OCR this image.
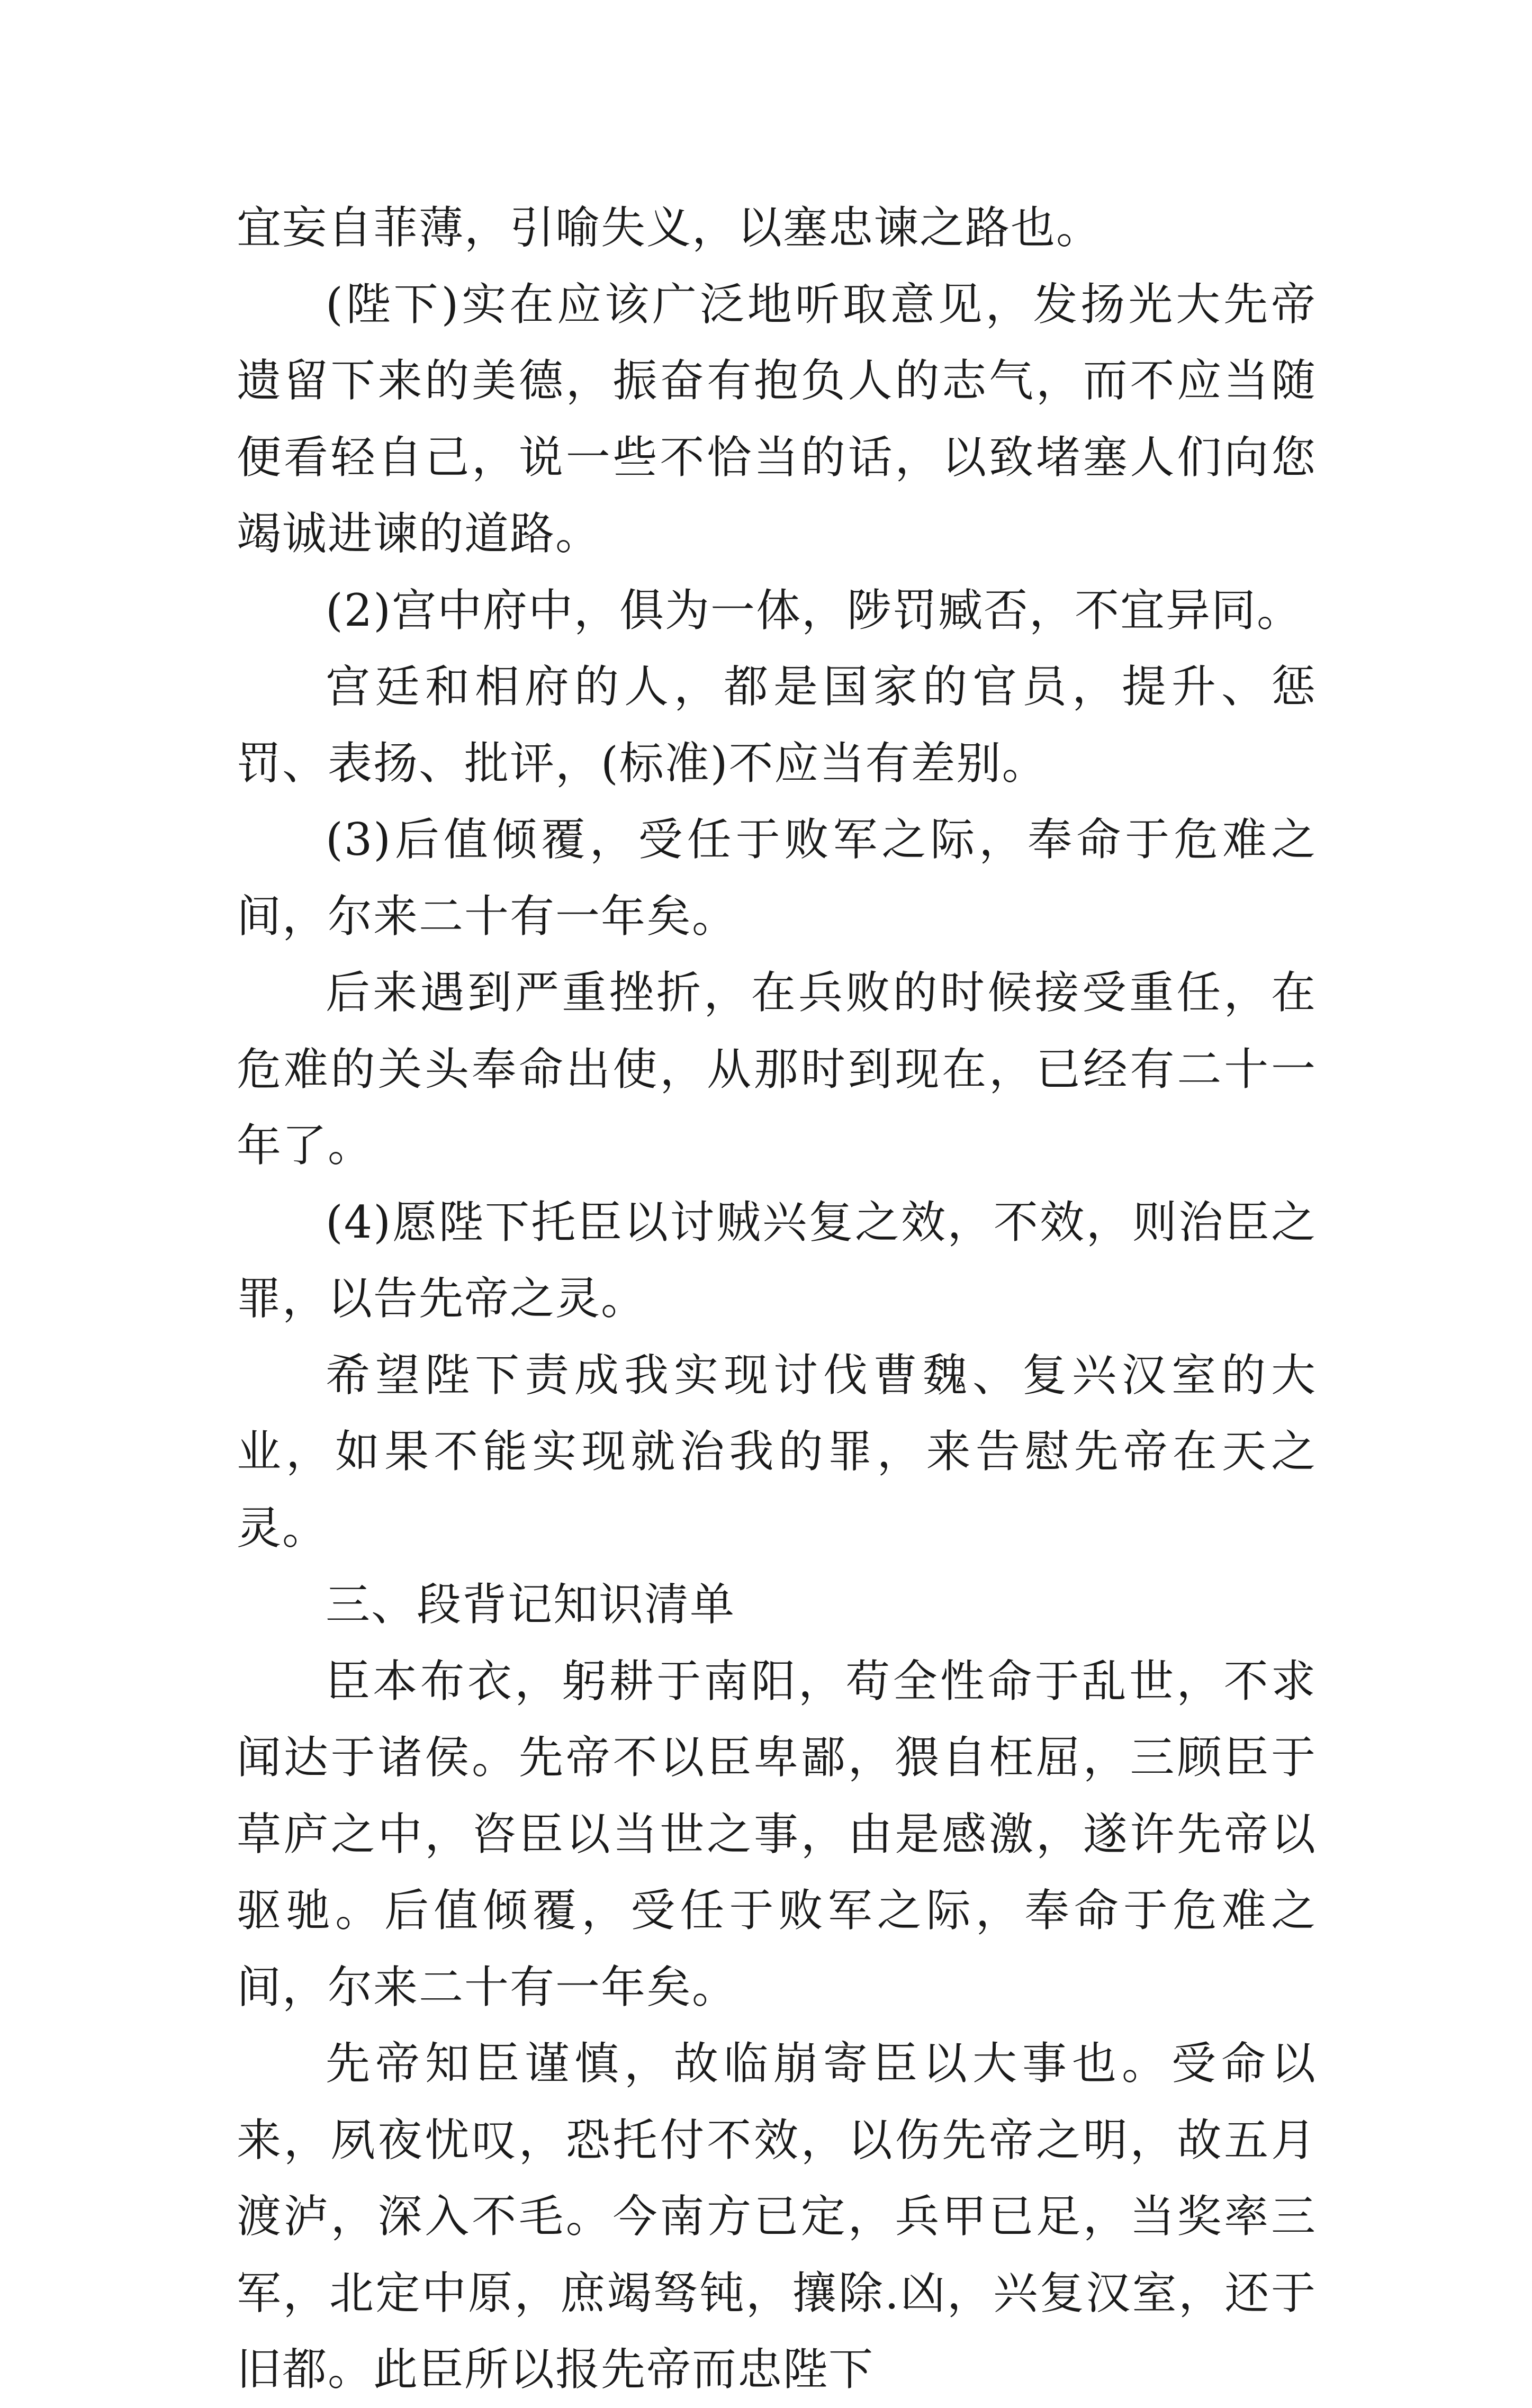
宜妄自菲薄，引喻失义，以塞忠谏之路也。

(陛下)实在应该广泛地听取意见，发扬光大先帝遗留下来的美德，振奋有抱负人的志气，而不应当随便看轻自己，说一些不恰当的话，以致堵塞人们向您竭诚进谏的道路。

(2)宫中府中，俱为一体，陟罚臧否，不宜异同。

宫廷和相府的人，都是国家的官员，提升、惩罚、表扬、批评，(标准)不应当有差别。

(3)后值倾覆，受任于败军之际，奉命于危难之间，尔来二十有一年矣。

后来遇到严重挫折，在兵败的时候接受重任，在危难的关头奉命出使，从那时到现在，已经有二十一年了。

(4)愿陛下托臣以讨贼兴复之效，不效，则治臣之罪，以告先帝之灵。

希望陛下责成我实现讨伐曹魏、复兴汉室的大业，如果不能实现就治我的罪，来告慰先帝在天之灵。

三、段背记知识清单

臣本布衣，躬耕于南阳，苟全性命于乱世，不求闻达于诸侯。先帝不以臣卑鄙，猥自枉屈，三顾臣于草庐之中，咨臣以当世之事，由是感激，遂许先帝以驱驰。后值倾覆，受任于败军之际，奉命于危难之间，尔来二十有一年矣。

先帝知臣谨慎，故临崩寄臣以大事也。受命以来，夙夜忧叹，恐托付不效，以伤先帝之明，故五月渡泸，深入不毛。今南方已定，兵甲已足，当奖率三军，北定中原，庶竭驽钝，攘除.凶，兴复汉室，还于旧都。此臣所以报先帝而忠陛下
